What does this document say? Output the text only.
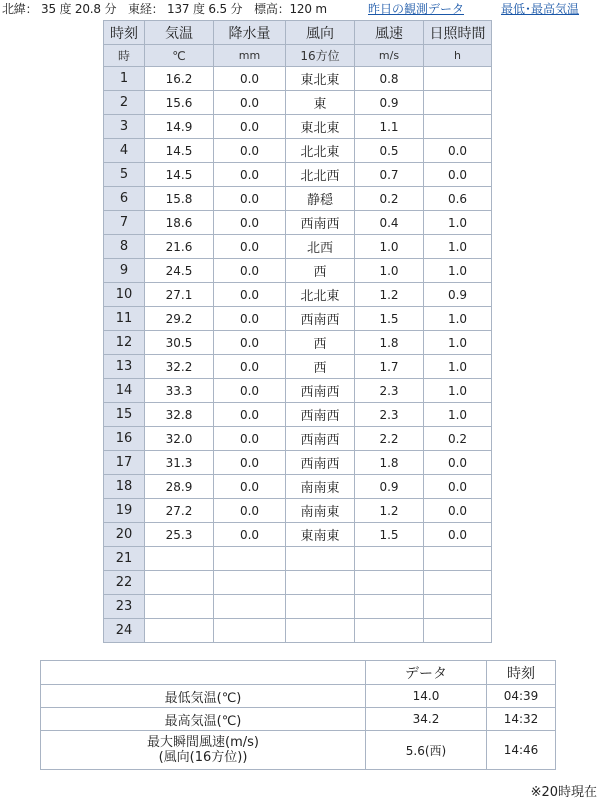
北緯： 35 度 20.8 分　東経： 137 度 6.5 分　標高：120 m	昨日の観測データ	最低･最高気温
時刻	気温	降水量	風向	風速	日照時間
時	℃	mm	16方位	m/s	h
1	16.2	0.0	東北東	0.8	
2	15.6	0.0	東	0.9	
3	14.9	0.0	東北東	1.1	
4	14.5	0.0	北北東	0.5	0.0
5	14.5	0.0	北北西	0.7	0.0
6	15.8	0.0	静穏	0.2	0.6
7	18.6	0.0	西南西	0.4	1.0
8	21.6	0.0	北西	1.0	1.0
9	24.5	0.0	西	1.0	1.0
10	27.1	0.0	北北東	1.2	0.9
11	29.2	0.0	西南西	1.5	1.0
12	30.5	0.0	西	1.8	1.0
13	32.2	0.0	西	1.7	1.0
14	33.3	0.0	西南西	2.3	1.0
15	32.8	0.0	西南西	2.3	1.0
16	32.0	0.0	西南西	2.2	0.2
17	31.3	0.0	西南西	1.8	0.0
18	28.9	0.0	南南東	0.9	0.0
19	27.2	0.0	南南東	1.2	0.0
20	25.3	0.0	東南東	1.5	0.0
21					
22					
23					
24					
	データ	時刻
最低気温(℃)	14.0	04:39
最高気温(℃)	34.2	14:32

最大瞬間風速(m/s)
(風向(16方位))	5.6(西)	14:46
※20時現在
